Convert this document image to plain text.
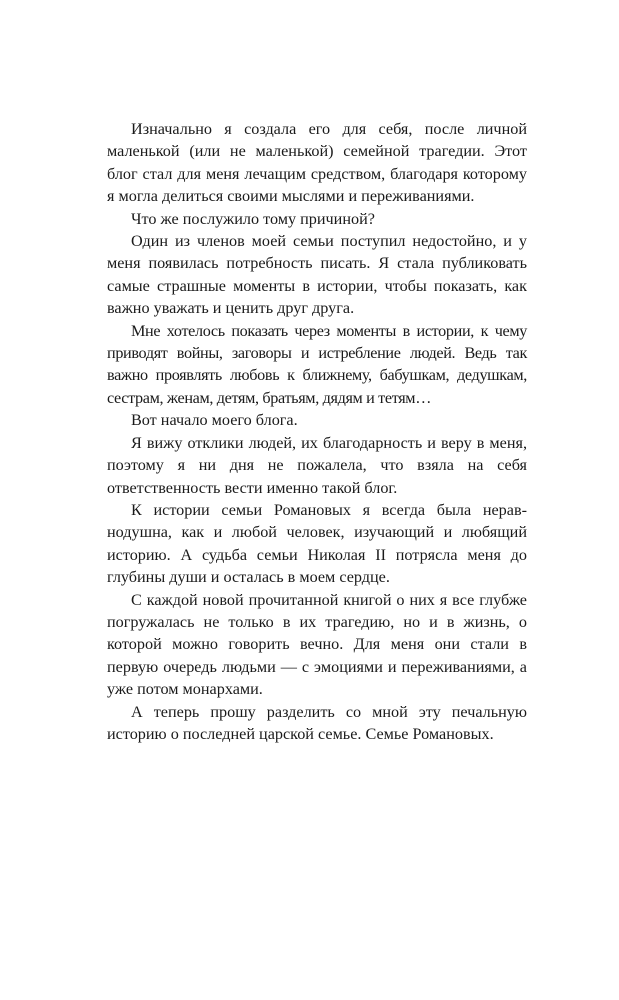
Изначально я создала его для себя, после личной маленькой (или не маленькой) семейной трагедии. Этот блог стал для меня лечащим средством, благодаря которому я могла делиться своими мыслями и переживаниями.

Что же послужило тому причиной?

Один из членов моей семьи поступил недостойно, и у меня появилась потребность писать. Я стала публиковать самые страшные моменты в истории, чтобы показать, как важно уважать и ценить друг друга.

Мне хотелось показать через моменты в истории, к чему приводят войны, заговоры и истребление людей. Ведь так важно проявлять любовь к ближнему, бабушкам, дедушкам, сестрам, женам, детям, братьям, дядям и тетям…

Вот начало моего блога.

Я вижу отклики людей, их благодарность и веру в меня, поэтому я ни дня не пожалела, что взяла на себя ответственность вести именно такой блог.

К истории семьи Романовых я всегда была неравнодушна, как и любой человек, изучающий и любящий историю. А судьба семьи Николая II потрясла меня до глубины души и осталась в моем сердце.

С каждой новой прочитанной книгой о них я все глубже погружалась не только в их трагедию, но и в жизнь, о которой можно говорить вечно. Для меня они стали в первую очередь людьми — с эмоциями и переживаниями, а уже потом монархами.

А теперь прошу разделить со мной эту печальную историю о последней царской семье. Семье Романовых.
